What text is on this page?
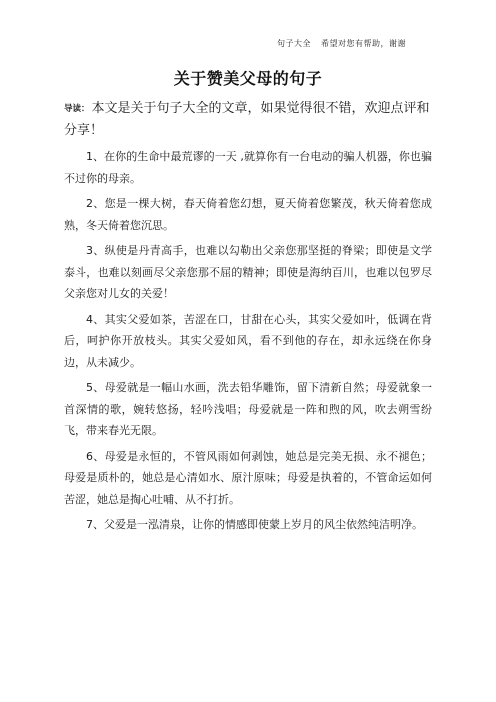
句子大全 希望对您有帮助，谢谢
关于赞美父母的句子

导读： 本文是关于句子大全的文章，如果觉得很不错，欢迎点评和分享！

1、在你的生命中最荒谬的一天 ,就算你有一台电动的骗人机器，你也骗不过你的母亲。

2、您是一棵大树，春天倚着您幻想，夏天倚着您繁茂，秋天倚着您成熟，冬天倚着您沉思。

3、纵使是丹青高手，也难以勾勒出父亲您那坚挺的脊梁；即使是文学泰斗，也难以刻画尽父亲您那不屈的精神；即使是海纳百川，也难以包罗尽父亲您对儿女的关爱！

4、其实父爱如茶，苦涩在口，甘甜在心头，其实父爱如叶，低调在背后，呵护你开放枝头。其实父爱如风，看不到他的存在，却永远绕在你身边，从未减少。

5、母爱就是一幅山水画，洗去铅华雕饰，留下清新自然；母爱就象一首深情的歌，婉转悠扬，轻吟浅唱；母爱就是一阵和煦的风，吹去朔雪纷飞，带来春光无限。

6、母爱是永恒的，不管风雨如何剥蚀，她总是完美无损、永不褪色；母爱是质朴的，她总是心清如水、原汁原味；母爱是执着的，不管命运如何苦涩，她总是掏心吐哺、从不打折。

7、父爱是一泓清泉，让你的情感即使蒙上岁月的风尘依然纯洁明净。
